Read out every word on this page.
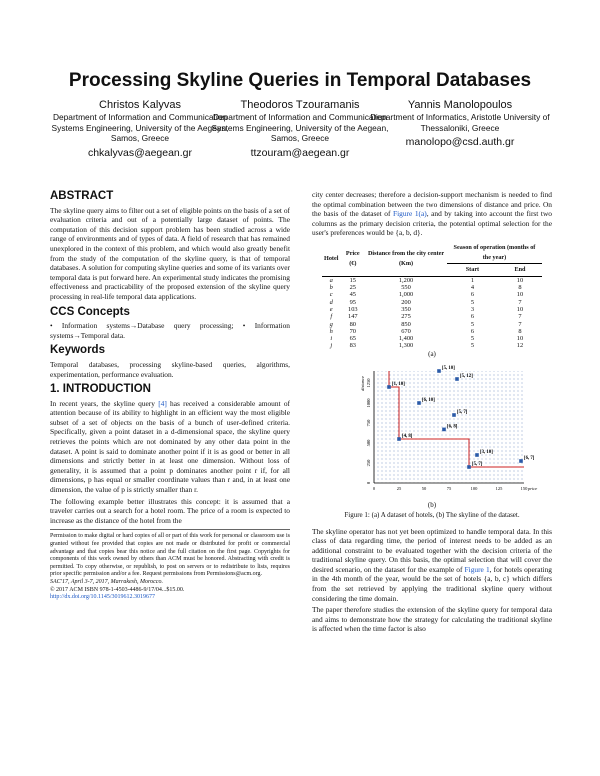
Processing Skyline Queries in Temporal Databases
Christos Kalyvas
Department of Information and Communication Systems Engineering, University of the Aegean, Samos, Greece
chkalyvas@aegean.gr
Theodoros Tzouramanis
Department of Information and Communication Systems Engineering, University of the Aegean, Samos, Greece
ttzouram@aegean.gr
Yannis Manolopoulos
Department of Informatics, Aristotle University of Thessaloniki, Greece
manolopo@csd.auth.gr
ABSTRACT

The skyline query aims to filter out a set of eligible points on the basis of a set of evaluation criteria and out of a potentially large dataset of points. The computation of this decision support problem has been studied across a wide range of environments and of types of data. A field of research that has remained unexplored in the context of this problem, and which would also greatly benefit from the study of the computation of the skyline query, is that of temporal databases. A solution for computing skyline queries and some of its variants over temporal data is put forward here. An experimental study indicates the promising effectiveness and practicability of the proposed extension of the skyline query processing in real-life temporal data applications.

CCS Concepts

• Information systems→Database query processing; • Information systems→Temporal data.

Keywords

Temporal databases, processing skyline-based queries, algorithms, experimentation, performance evaluation.

1. INTRODUCTION

In recent years, the skyline query [4] has received a considerable amount of attention because of its ability to highlight in an efficient way the most eligible subset of a set of objects on the basis of a bunch of user-defined criteria. Specifically, given a point dataset in a d-dimensional space, the skyline query retrieves the points which are not dominated by any other data point in the dataset. A point is said to dominate another point if it is as good or better in all dimensions and strictly better in at least one dimension. Without loss of generality, it is assumed that a point p dominates another point r if, for all dimensions, p has equal or smaller coordinate values than r and, in at least one dimension, the value of p is strictly smaller than r.

The following example better illustrates this concept: it is assumed that a traveler carries out a search for a hotel room. The price of a room is expected to increase as the distance of the hotel from the

Permission to make digital or hard copies of all or part of this work for personal or classroom use is granted without fee provided that copies are not made or distributed for profit or commercial advantage and that copies bear this notice and the full citation on the first page. Copyrights for components of this work owned by others than ACM must be honored. Abstracting with credit is permitted. To copy otherwise, or republish, to post on servers or to redistribute to lists, requires prior specific permission and/or a fee. Request permissions from Permissions@acm.org.
SAC'17, April 3-7, 2017, Marrakesh, Morocco.
© 2017 ACM ISBN 978-1-4503-4486-9/17/04...$15.00.
http://dx.doi.org/10.1145/3019612.3019677

city center decreases; therefore a decision-support mechanism is needed to find the optimal combination between the two dimensions of distance and price. On the basis of the dataset of Figure 1(a), and by taking into account the first two columns as the primary decision criteria, the potential optimal selection for the user's preferences would be {a, b, d}.

Hotel	Price (€)	Distance from the city center (Km)	Season of operation (months of the year)	
			Start	End
a	15	1,200	1	10
b	25	550	4	8
c	45	1,000	6	10
d	95	200	5	7
e	103	350	3	10
f	147	275	6	7
g	80	850	5	7
h	70	670	6	8
i	65	1,400	5	10
j	83	1,300	5	12
(a)
0	25	50	75	100	125	150
0
250
500
750
1000
1250
price
distance	[1, 10]
[4, 8]
[6, 10]
[5, 7]
[3, 10]
[6, 7]
[5, 7]
[6, 8]
[5, 10]
[5, 12]
(b)
Figure 1: (a) A dataset of hotels, (b) The skyline of the dataset.

The skyline operator has not yet been optimized to handle temporal data. In this class of data regarding time, the period of interest needs to be added as an additional constraint to be evaluated together with the decision criteria of the traditional skyline query. On this basis, the optimal selection that will cover the desired scenario, on the dataset for the example of Figure 1, for hotels operating in the 4th month of the year, would be the set of hotels {a, b, c} which differs from the set retrieved by applying the traditional skyline query without considering the time domain.

The paper therefore studies the extension of the skyline query for temporal data and aims to demonstrate how the strategy for calculating the traditional skyline is affected when the time factor is also
